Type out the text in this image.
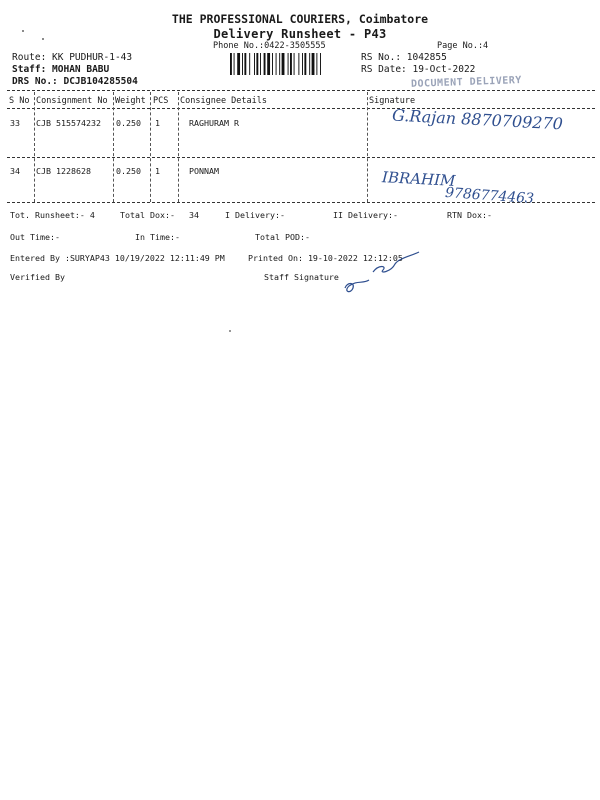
THE PROFESSIONAL COURIERS, Coimbatore
Delivery Runsheet - P43
Phone No.:0422-3505555	Page No.:4
Route: KK PUDHUR-1-43
Staff: MOHAN BABU
DRS No.: DCJB104285504
RS No.: 1042855
RS Date: 19-Oct-2022
DOCUMENT DELIVERY
S No Consignment No Weight PCS Consignee Details	Signature
33 CJB 515574232 0.250 1	RAGHURAM R	G.Rajan 8870709270
34 CJB 1228628	0.250 1	PONNAM	IBRAHIM
9786774463
Tot. Runsheet:- 4	Total Dox:- 34	I Delivery:-	II Delivery:-	RTN Dox:-
Out Time:-	In Time:-	Total POD:-
Entered By :SURYAP43 10/19/2022 12:11:49 PM	Printed On: 19-10-2022 12:12:05
Verified By	Staff Signature
